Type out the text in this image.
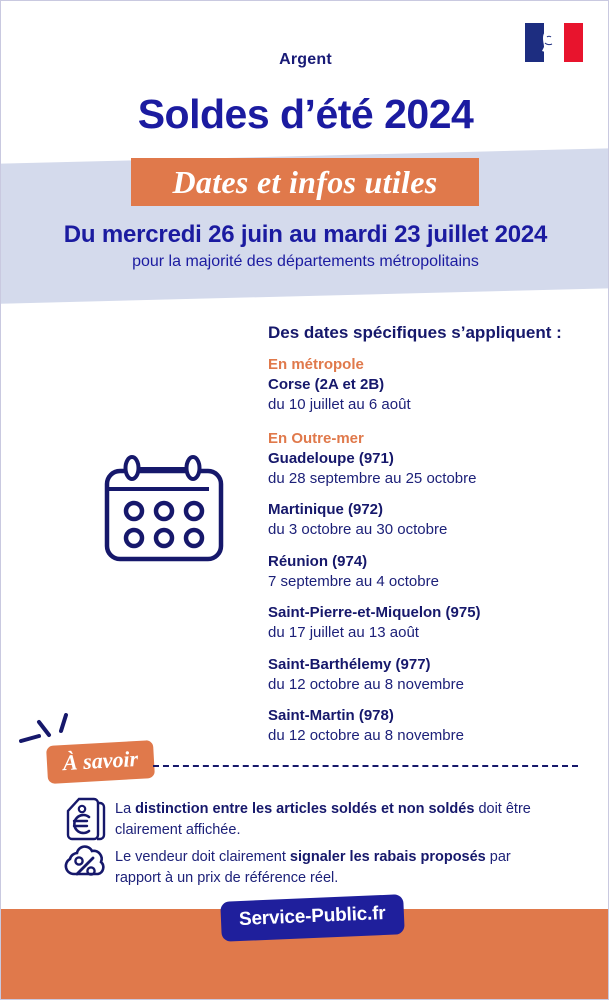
Argent
Soldes d’été 2024
Dates et infos utiles
Du mercredi 26 juin au mardi 23 juillet 2024
pour la majorité des départements métropolitains
Des dates spécifiques s’appliquent :
En métropole
Corse (2A et 2B)
du 10 juillet au 6 août
En Outre-mer
Guadeloupe (971)
du 28 septembre au 25 octobre
Martinique (972)
du 3 octobre au 30 octobre
Réunion (974)
7 septembre au 4 octobre
Saint-Pierre-et-Miquelon (975)
du 17 juillet au 13 août
Saint-Barthélemy (977)
du 12 octobre au 8 novembre
Saint-Martin (978)
du 12 octobre au 8 novembre
À savoir
La distinction entre les articles soldés et non soldés doit être clairement affichée.
Le vendeur doit clairement signaler les rabais proposés par rapport à un prix de référence réel.
Service-Public.fr
